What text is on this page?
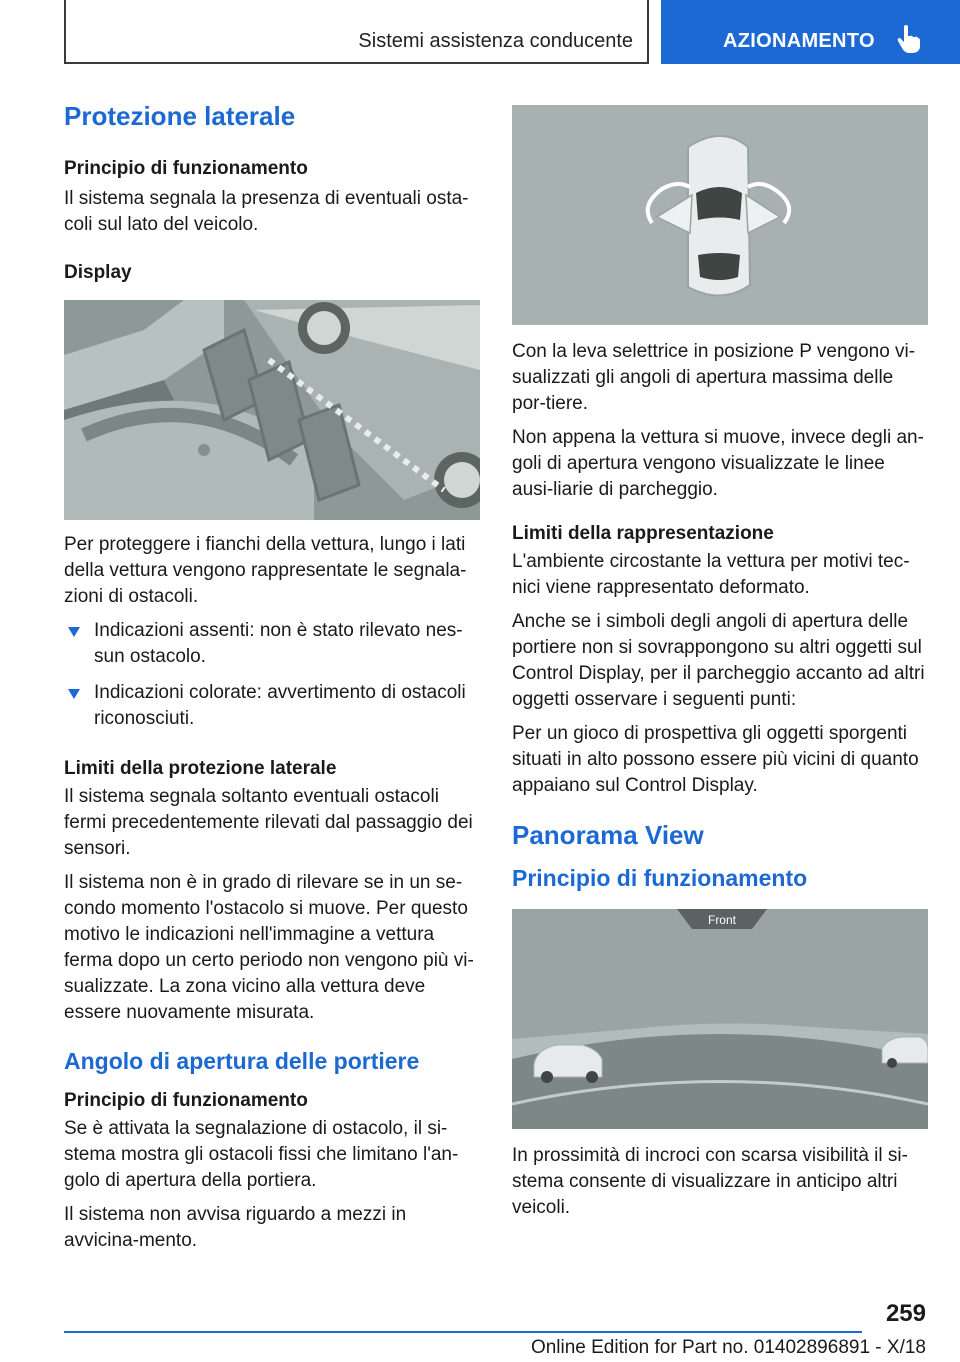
Sistemi assistenza conducente	AZIONAMENTO
Protezione laterale
Principio di funzionamento

Il sistema segnala la presenza di eventuali osta-coli sul lato del veicolo.

Display

Per proteggere i fianchi della vettura, lungo i lati della vettura vengono rappresentate le segnala-zioni di ostacoli.

Indicazioni assenti: non è stato rilevato nes-sun ostacolo.
Indicazioni colorate: avvertimento di ostacoli riconosciuti.
Limiti della protezione laterale

Il sistema segnala soltanto eventuali ostacoli fermi precedentemente rilevati dal passaggio dei sensori.

Il sistema non è in grado di rilevare se in un se-condo momento l'ostacolo si muove. Per questo motivo le indicazioni nell'immagine a vettura ferma dopo un certo periodo non vengono più vi-sualizzate. La zona vicino alla vettura deve essere nuovamente misurata.

Angolo di apertura delle portiere
Principio di funzionamento

Se è attivata la segnalazione di ostacolo, il si-stema mostra gli ostacoli fissi che limitano l'an-golo di apertura della portiera.

Il sistema non avvisa riguardo a mezzi in avvicina-mento.

Con la leva selettrice in posizione P vengono vi-sualizzati gli angoli di apertura massima delle por-tiere.

Non appena la vettura si muove, invece degli an-goli di apertura vengono visualizzate le linee ausi-liarie di parcheggio.

Limiti della rappresentazione

L'ambiente circostante la vettura per motivi tec-nici viene rappresentato deformato.

Anche se i simboli degli angoli di apertura delle portiere non si sovrappongono su altri oggetti sul Control Display, per il parcheggio accanto ad altri oggetti osservare i seguenti punti:

Per un gioco di prospettiva gli oggetti sporgenti situati in alto possono essere più vicini di quanto appaiano sul Control Display.

Panorama View
Principio di funzionamento
Front

In prossimità di incroci con scarsa visibilità il si-stema consente di visualizzare in anticipo altri veicoli.

259
Online Edition for Part no. 01402896891 - X/18
